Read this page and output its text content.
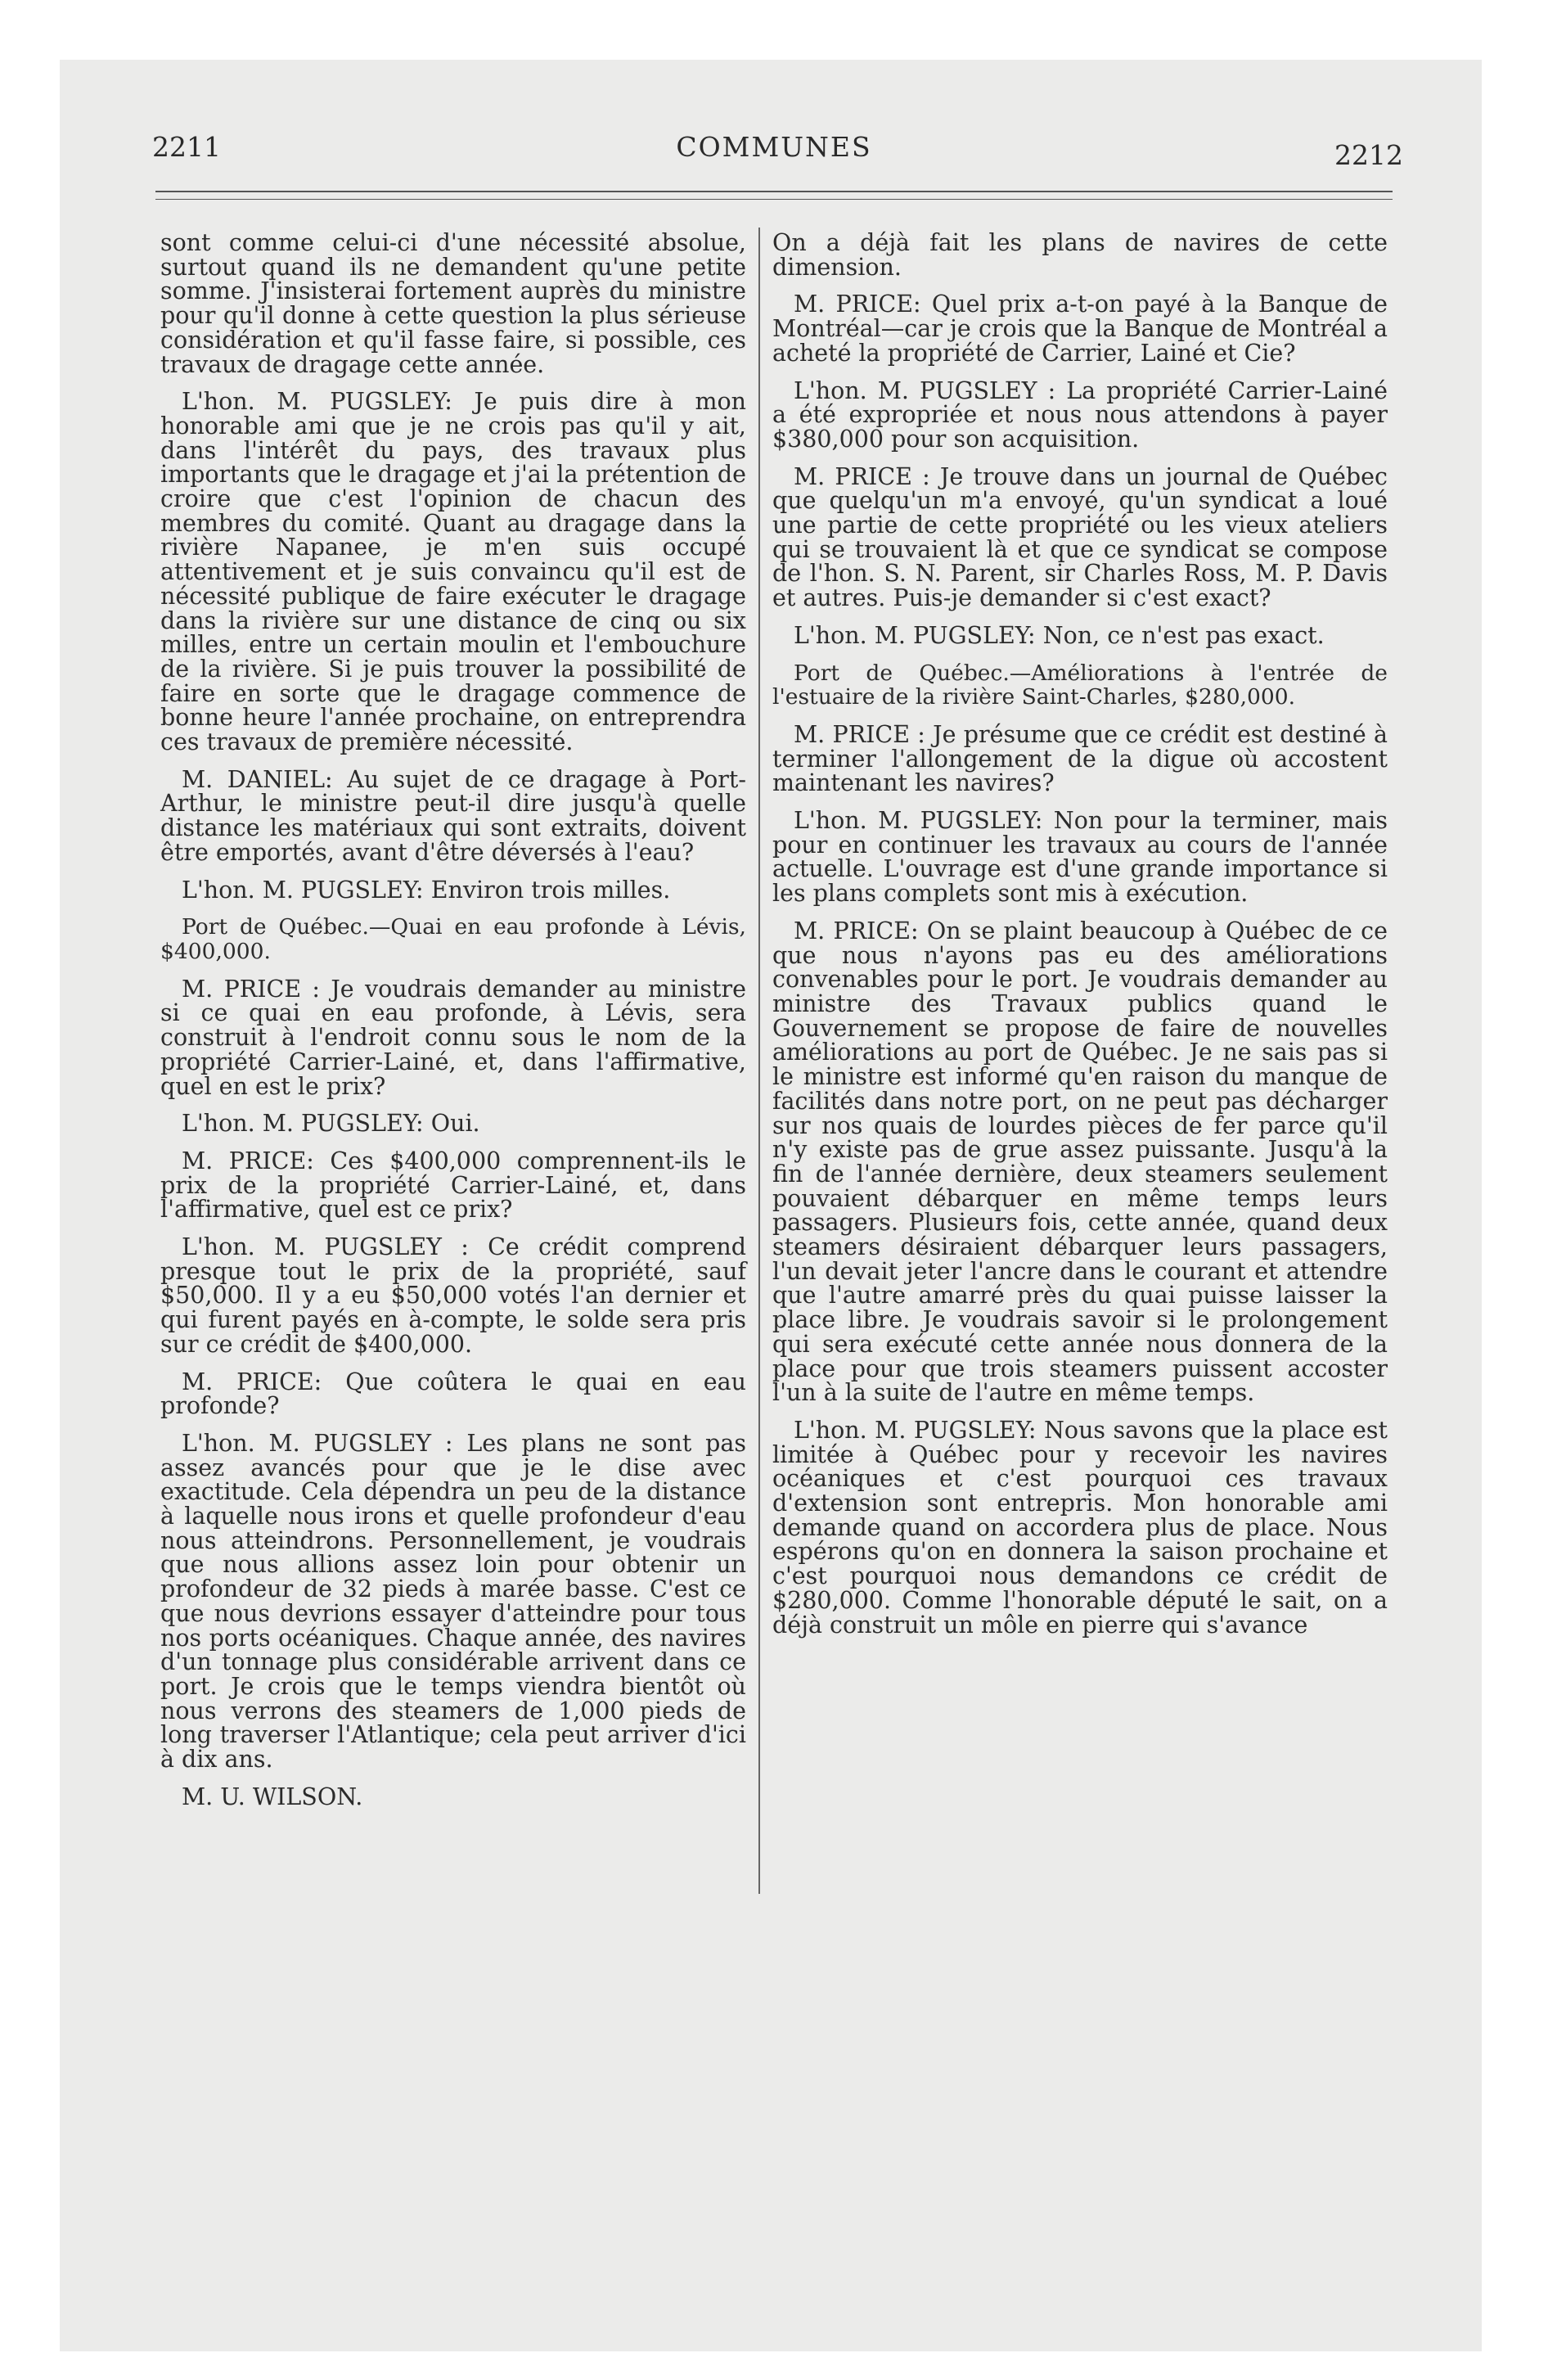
2211	COMMUNES	2212

sont comme celui-ci d'une nécessité absolue, surtout quand ils ne demandent qu'une petite somme. J'insisterai fortement auprès du ministre pour qu'il donne à cette question la plus sérieuse considération et qu'il fasse faire, si possible, ces travaux de dragage cette année.

L'hon. M. PUGSLEY: Je puis dire à mon honorable ami que je ne crois pas qu'il y ait, dans l'intérêt du pays, des travaux plus importants que le dragage et j'ai la prétention de croire que c'est l'opinion de chacun des membres du comité. Quant au dragage dans la rivière Napanee, je m'en suis occupé attentivement et je suis convaincu qu'il est de nécessité publique de faire exécuter le dragage dans la rivière sur une distance de cinq ou six milles, entre un certain moulin et l'embouchure de la rivière. Si je puis trouver la possibilité de faire en sorte que le dragage commence de bonne heure l'année prochaine, on entreprendra ces travaux de première nécessité.

M. DANIEL: Au sujet de ce dragage à Port-Arthur, le ministre peut-il dire jusqu'à quelle distance les matériaux qui sont extraits, doivent être emportés, avant d'être déversés à l'eau?

L'hon. M. PUGSLEY: Environ trois milles.

Port de Québec.—Quai en eau profonde à Lévis, $400,000.

M. PRICE : Je voudrais demander au ministre si ce quai en eau profonde, à Lévis, sera construit à l'endroit connu sous le nom de la propriété Carrier-Lainé, et, dans l'affirmative, quel en est le prix?

L'hon. M. PUGSLEY: Oui.

M. PRICE: Ces $400,000 comprennent-ils le prix de la propriété Carrier-Lainé, et, dans l'affirmative, quel est ce prix?

L'hon. M. PUGSLEY : Ce crédit comprend presque tout le prix de la propriété, sauf $50,000. Il y a eu $50,000 votés l'an dernier et qui furent payés en à-compte, le solde sera pris sur ce crédit de $400,000.

M. PRICE: Que coûtera le quai en eau profonde?

L'hon. M. PUGSLEY : Les plans ne sont pas assez avancés pour que je le dise avec exactitude. Cela dépendra un peu de la distance à laquelle nous irons et quelle profondeur d'eau nous atteindrons. Personnellement, je voudrais que nous allions assez loin pour obtenir un profondeur de 32 pieds à marée basse. C'est ce que nous devrions essayer d'atteindre pour tous nos ports océaniques. Chaque année, des navires d'un tonnage plus considérable arrivent dans ce port. Je crois que le temps viendra bientôt où nous verrons des steamers de 1,000 pieds de long traverser l'Atlantique; cela peut arriver d'ici à dix ans.

M. U. WILSON.

On a déjà fait les plans de navires de cette dimension.

M. PRICE: Quel prix a-t-on payé à la Banque de Montréal—car je crois que la Banque de Montréal a acheté la propriété de Carrier, Lainé et Cie?

L'hon. M. PUGSLEY : La propriété Carrier-Lainé a été expropriée et nous nous attendons à payer $380,000 pour son acquisition.

M. PRICE : Je trouve dans un journal de Québec que quelqu'un m'a envoyé, qu'un syndicat a loué une partie de cette propriété ou les vieux ateliers qui se trouvaient là et que ce syndicat se compose de l'hon. S. N. Parent, sir Charles Ross, M. P. Davis et autres. Puis-je demander si c'est exact?

L'hon. M. PUGSLEY: Non, ce n'est pas exact.

Port de Québec.—Améliorations à l'entrée de l'estuaire de la rivière Saint-Charles, $280,000.

M. PRICE : Je présume que ce crédit est destiné à terminer l'allongement de la digue où accostent maintenant les navires?

L'hon. M. PUGSLEY: Non pour la terminer, mais pour en continuer les travaux au cours de l'année actuelle. L'ouvrage est d'une grande importance si les plans complets sont mis à exécution.

M. PRICE: On se plaint beaucoup à Québec de ce que nous n'ayons pas eu des améliorations convenables pour le port. Je voudrais demander au ministre des Travaux publics quand le Gouvernement se propose de faire de nouvelles améliorations au port de Québec. Je ne sais pas si le ministre est informé qu'en raison du manque de facilités dans notre port, on ne peut pas décharger sur nos quais de lourdes pièces de fer parce qu'il n'y existe pas de grue assez puissante. Jusqu'à la fin de l'année dernière, deux steamers seulement pouvaient débarquer en même temps leurs passagers. Plusieurs fois, cette année, quand deux steamers désiraient débarquer leurs passagers, l'un devait jeter l'ancre dans le courant et attendre que l'autre amarré près du quai puisse laisser la place libre. Je voudrais savoir si le prolongement qui sera exécuté cette année nous donnera de la place pour que trois steamers puissent accoster l'un à la suite de l'autre en même temps.

L'hon. M. PUGSLEY: Nous savons que la place est limitée à Québec pour y recevoir les navires océaniques et c'est pourquoi ces travaux d'extension sont entrepris. Mon honorable ami demande quand on accordera plus de place. Nous espérons qu'on en donnera la saison prochaine et c'est pourquoi nous demandons ce crédit de $280,000. Comme l'honorable député le sait, on a déjà construit un môle en pierre qui s'avance
